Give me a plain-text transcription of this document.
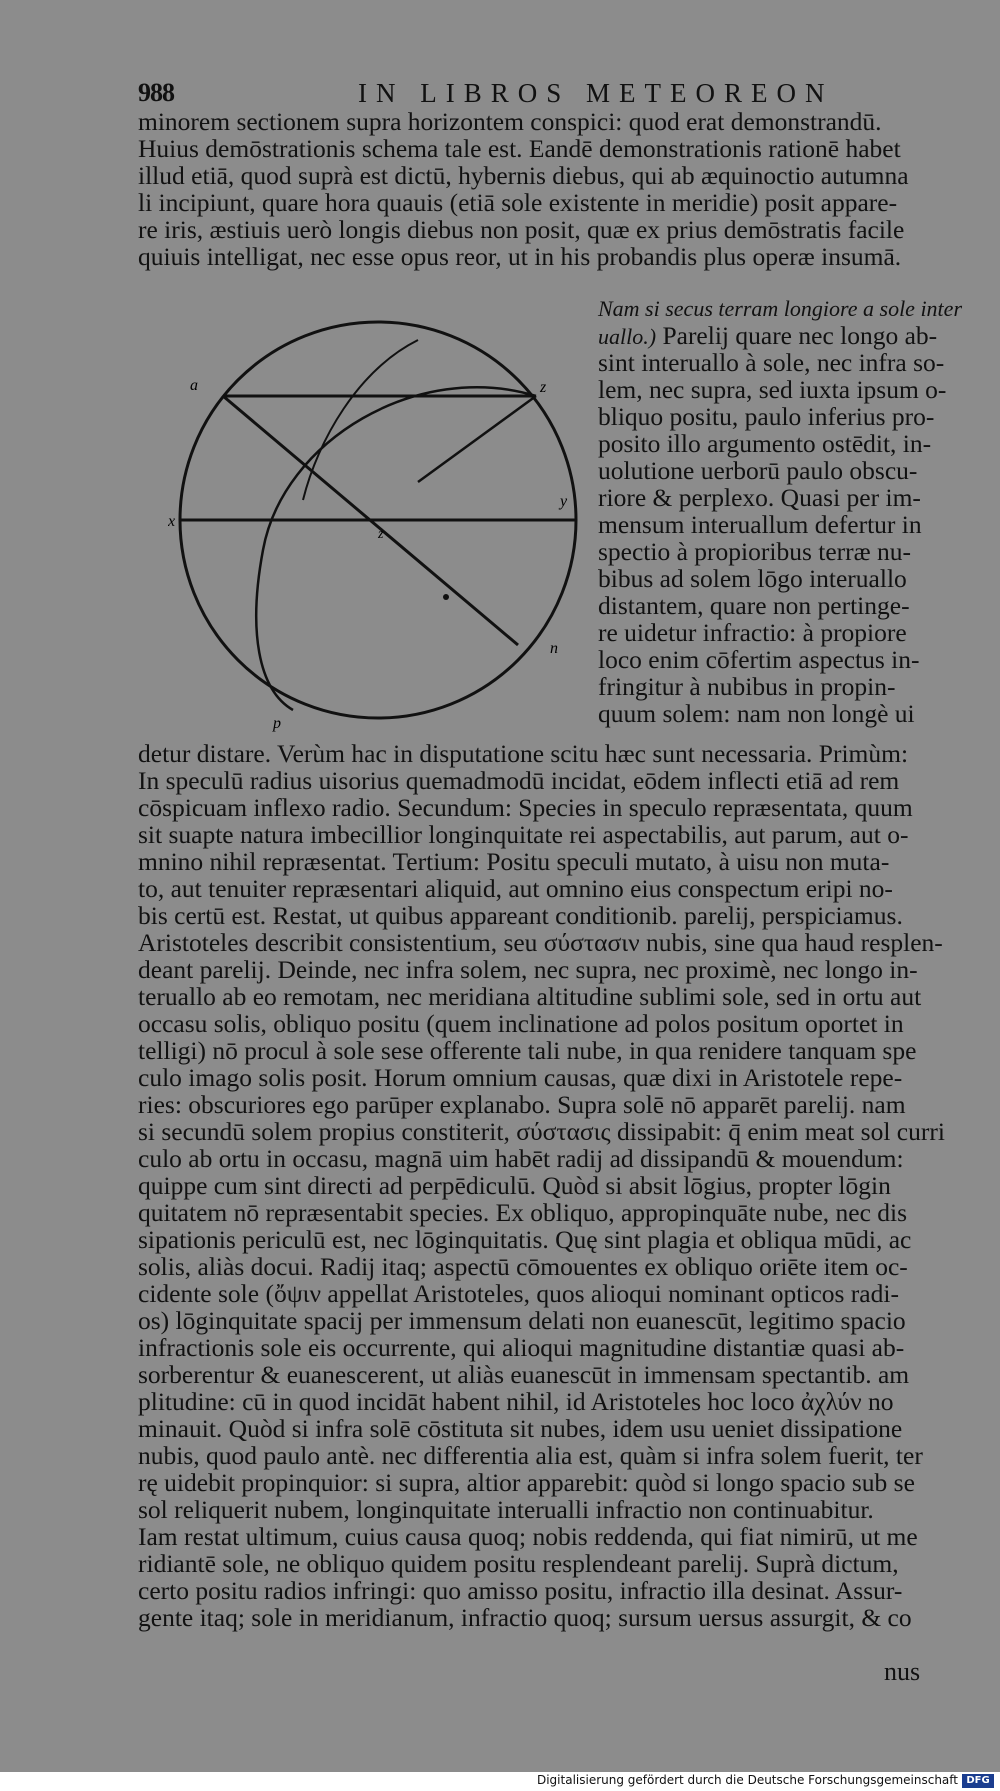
988	IN LIBROS METEOREON
minorem sectionem supra horizontem conspici: quod erat demonstrandū.
Huius demōstrationis schema tale est. Eandē demonstrationis rationē habet
illud etiā, quod suprà est dictū, hybernis diebus, qui ab æquinoctio autumna
li incipiunt, quare hora quauis (etiā sole existente in meridie) posit appare-
re iris, æstiuis uerò longis diebus non posit, quæ ex prius demōstratis facile
quiuis intelligat, nec esse opus reor, ut in his probandis plus operæ insumā.
Nam si secus terram longiore a sole inter
uallo.) Parelij quare nec longo ab-
sint interuallo à sole, nec infra so-
lem, nec supra, sed iuxta ipsum o-
bliquo positu, paulo inferius pro-
posito illo argumento ostēdit, in-
uolutione uerborū paulo obscu-
riore & perplexo. Quasi per im-
mensum interuallum defertur in
spectio à propioribus terræ nu-
bibus ad solem lōgo interuallo
distantem, quare non pertinge-
re uidetur infractio: à propiore
loco enim cōfertim aspectus in-
fringitur à nubibus in propin-
quum solem: nam non longè ui
a	z
x
y
z
n
p
detur distare. Verùm hac in disputatione scitu hæc sunt necessaria. Primùm:
In speculū radius uisorius quemadmodū incidat, eōdem inflecti etiā ad rem
cōspicuam inflexo radio. Secundum: Species in speculo repræsentata, quum
sit suapte natura imbecillior longinquitate rei aspectabilis, aut parum, aut o-
mnino nihil repræsentat. Tertium: Positu speculi mutato, à uisu non muta-
to, aut tenuiter repræsentari aliquid, aut omnino eius conspectum eripi no-
bis certū est. Restat, ut quibus appareant conditionib. parelij, perspiciamus.
Aristoteles describit consistentium, seu σύστασιν nubis, sine qua haud resplen-
deant parelij. Deinde, nec infra solem, nec supra, nec proximè, nec longo in-
teruallo ab eo remotam, nec meridiana altitudine sublimi sole, sed in ortu aut
occasu solis, obliquo positu (quem inclinatione ad polos positum oportet in
telligi) nō procul à sole sese offerente tali nube, in qua renidere tanquam spe
culo imago solis posit. Horum omnium causas, quæ dixi in Aristotele repe-
ries: obscuriores ego parūper explanabo. Supra solē nō apparēt parelij. nam
si secundū solem propius constiterit, σύστασις dissipabit: q̄ enim meat sol curri
culo ab ortu in occasu, magnā uim habēt radij ad dissipandū & mouendum:
quippe cum sint directi ad perpēdiculū. Quòd si absit lōgius, propter lōgin
quitatem nō repræsentabit species. Ex obliquo, appropinquāte nube, nec dis
sipationis periculū est, nec lōginquitatis. Quę sint plagia et obliqua mūdi, ac
solis, aliàs docui. Radij itaq; aspectū cōmouentes ex obliquo oriēte item oc-
cidente sole (ὄψιν appellat Aristoteles, quos alioqui nominant opticos radi-
os) lōginquitate spacij per immensum delati non euanescūt, legitimo spacio
infractionis sole eis occurrente, qui alioqui magnitudine distantiæ quasi ab-
sorberentur & euanescerent, ut aliàs euanescūt in immensam spectantib. am
plitudine: cū in quod incidāt habent nihil, id Aristoteles hoc loco ἀχλύν no
minauit. Quòd si infra solē cōstituta sit nubes, idem usu ueniet dissipatione
nubis, quod paulo antè. nec differentia alia est, quàm si infra solem fuerit, ter
rę uidebit propinquior: si supra, altior apparebit: quòd si longo spacio sub se
sol reliquerit nubem, longinquitate interualli infractio non continuabitur.
Iam restat ultimum, cuius causa quoq; nobis reddenda, qui fiat nimirū, ut me
ridiantē sole, ne obliquo quidem positu resplendeant parelij. Suprà dictum,
certo positu radios infringi: quo amisso positu, infractio illa desinat. Assur-
gente itaq; sole in meridianum, infractio quoq; sursum uersus assurgit, & co
nus
Digitalisierung gefördert durch die Deutsche Forschungsgemeinschaft DFG
